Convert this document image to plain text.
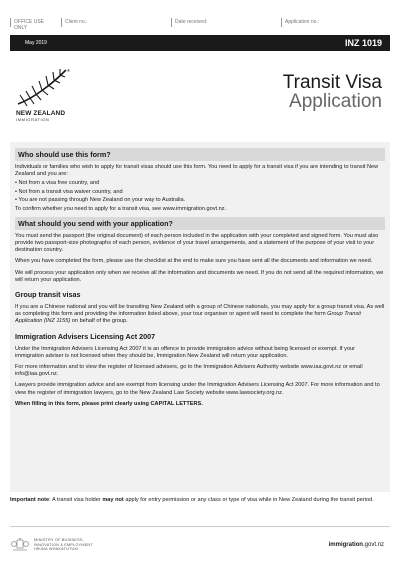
OFFICE USE ONLY
Client no.:	Date received:	Application no.:
May 2019	INZ 1019
®
NEW ZEALAND
IMMIGRATION
Transit Visa
Application
Who should use this form?
Individuals or families who wish to apply for transit visas should use this form. You need to apply for a transit visa if you are intending to transit New Zealand and you are:
• Not from a visa free country, and
• Not from a transit visa waiver country, and
• You are not passing through New Zealand on your way to Australia.
To confirm whether you need to apply for a transit visa, see www.immigration.govt.nz.
What should you send with your application?
You must send the passport (the original document) of each person included in the application with your completed and signed form. You must also provide two passport-size photographs of each person, evidence of your travel arrangements, and a statement of the purpose of your visit to your destination country.
When you have completed the form, please use the checklist at the end to make sure you have sent all the documents and information we need.
We will process your application only when we receive all the information and documents we need. If you do not send all the required information, we will return your application.
Group transit visas
If you are a Chinese national and you will be transiting New Zealand with a group of Chinese nationals, you may apply for a group transit visa. As well as completing this form and providing the information listed above, your tour organiser or agent will need to complete the form Group Transit Application (INZ 1155) on behalf of the group.
Immigration Advisers Licensing Act 2007
Under the Immigration Advisers Licensing Act 2007 it is an offence to provide immigration advice without being licensed or exempt. If your immigration adviser is not licensed when they should be, Immigration New Zealand will return your application.
For more information and to view the register of licensed advisers, go to the Immigration Advisers Authority website www.iaa.govt.nz or email info@iaa.govt.nz.
Lawyers provide immigration advice and are exempt from licensing under the Immigration Advisers Licensing Act 2007. For more information and to view the register of immigration lawyers, go to the New Zealand Law Society website www.lawsociety.org.nz.
When filling in this form, please print clearly using CAPITAL LETTERS.
Important note: A transit visa holder may not apply for entry permission or any class or type of visa while in New Zealand during the transit period.
MINISTRY OF BUSINESS,
INNOVATION & EMPLOYMENT
HĪKINA WHAKATUTUKI
immigration.govt.nz
